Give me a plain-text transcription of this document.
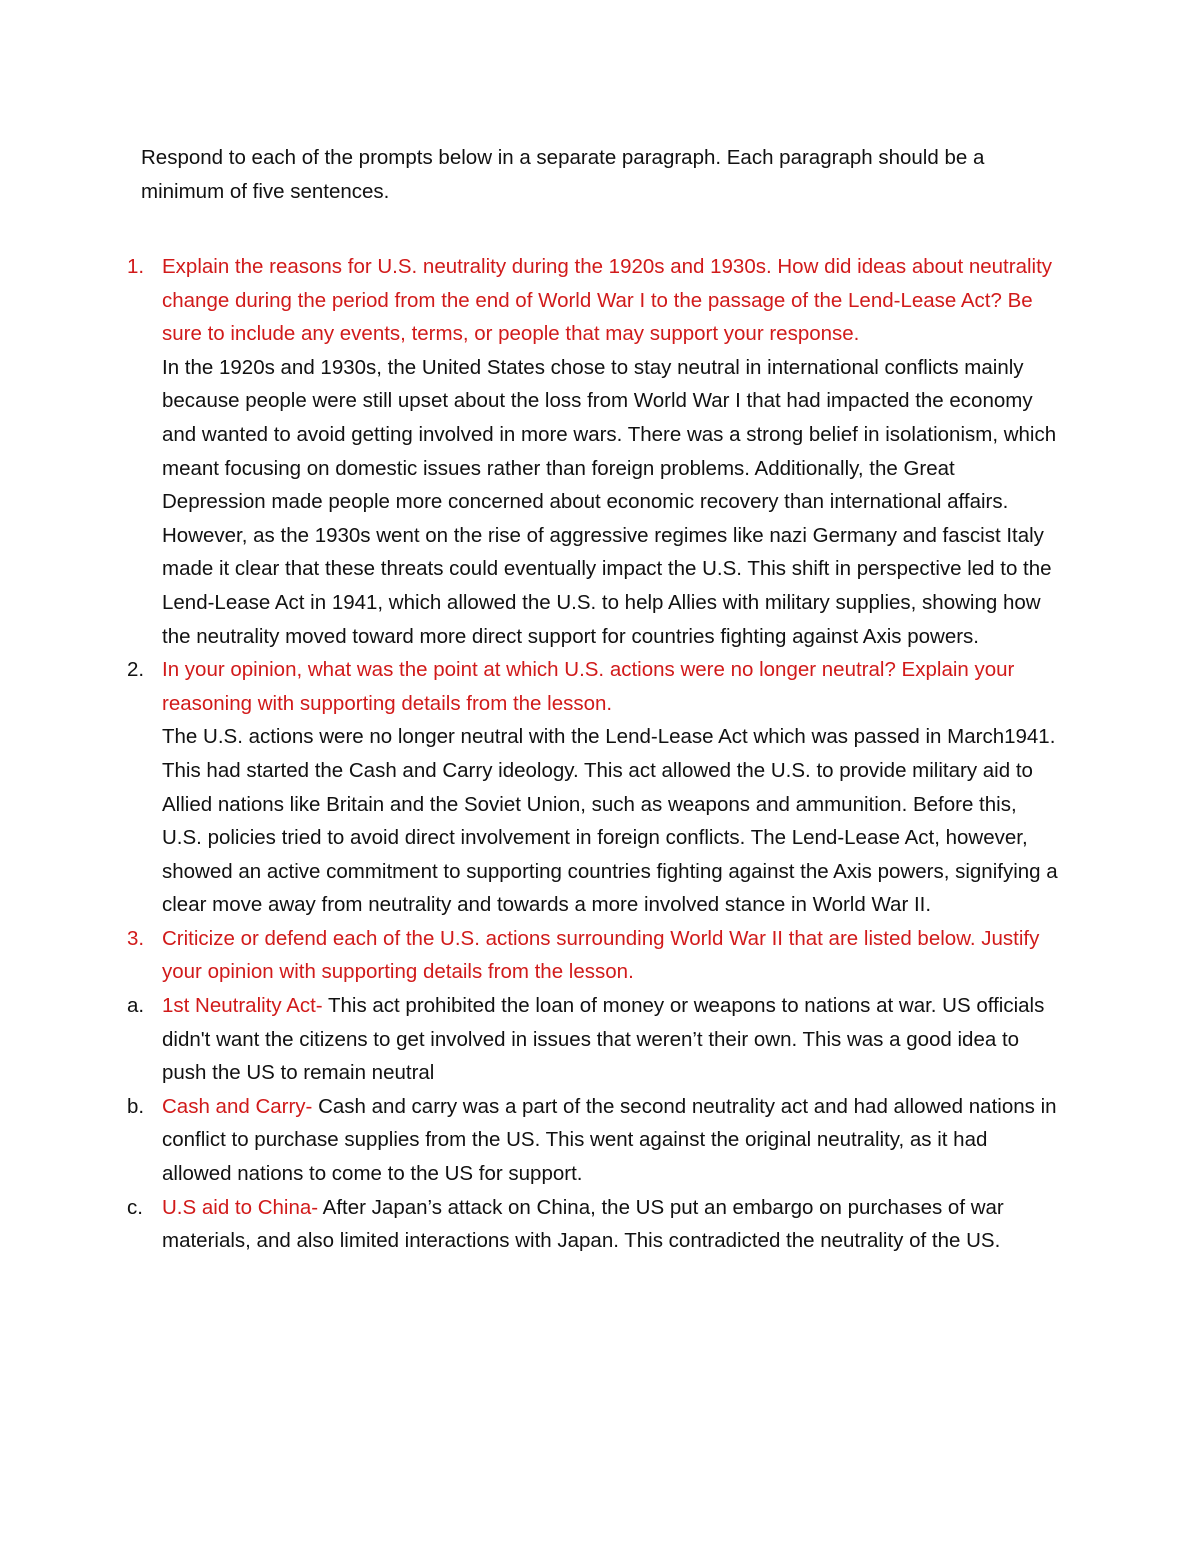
Respond to each of the prompts below in a separate paragraph. Each paragraph should be a minimum of five sentences.
1. Explain the reasons for U.S. neutrality during the 1920s and 1930s. How did ideas about neutrality change during the period from the end of World War I to the passage of the Lend-Lease Act? Be sure to include any events, terms, or people that may support your response.
In the 1920s and 1930s, the United States chose to stay neutral in international conflicts mainly because people were still upset about the loss from World War I that had impacted the economy and wanted to avoid getting involved in more wars. There was a strong belief in isolationism, which meant focusing on domestic issues rather than foreign problems. Additionally, the Great Depression made people more concerned about economic recovery than international affairs. However, as the 1930s went on the rise of aggressive regimes like nazi Germany and fascist Italy made it clear that these threats could eventually impact the U.S. This shift in perspective led to the Lend-Lease Act in 1941, which allowed the U.S. to help Allies with military supplies, showing how the neutrality moved toward more direct support for countries fighting against Axis powers.
2. In your opinion, what was the point at which U.S. actions were no longer neutral? Explain your reasoning with supporting details from the lesson.
The U.S. actions were no longer neutral with the Lend-Lease Act which was passed in March1941. This had started the Cash and Carry ideology. This act allowed the U.S. to provide military aid to Allied nations like Britain and the Soviet Union, such as weapons and ammunition. Before this, U.S. policies tried to avoid direct involvement in foreign conflicts. The Lend-Lease Act, however, showed an active commitment to supporting countries fighting against the Axis powers, signifying a clear move away from neutrality and towards a more involved stance in World War II.
3. Criticize or defend each of the U.S. actions surrounding World War II that are listed below. Justify your opinion with supporting details from the lesson.
a. 1st Neutrality Act- This act prohibited the loan of money or weapons to nations at war. US officials didn't want the citizens to get involved in issues that weren’t their own. This was a good idea to push the US to remain neutral
b. Cash and Carry- Cash and carry was a part of the second neutrality act and had allowed nations in conflict to purchase supplies from the US. This went against the original neutrality, as it had allowed nations to come to the US for support.
c. U.S aid to China- After Japan’s attack on China, the US put an embargo on purchases of war materials, and also limited interactions with Japan. This contradicted the neutrality of the US.
